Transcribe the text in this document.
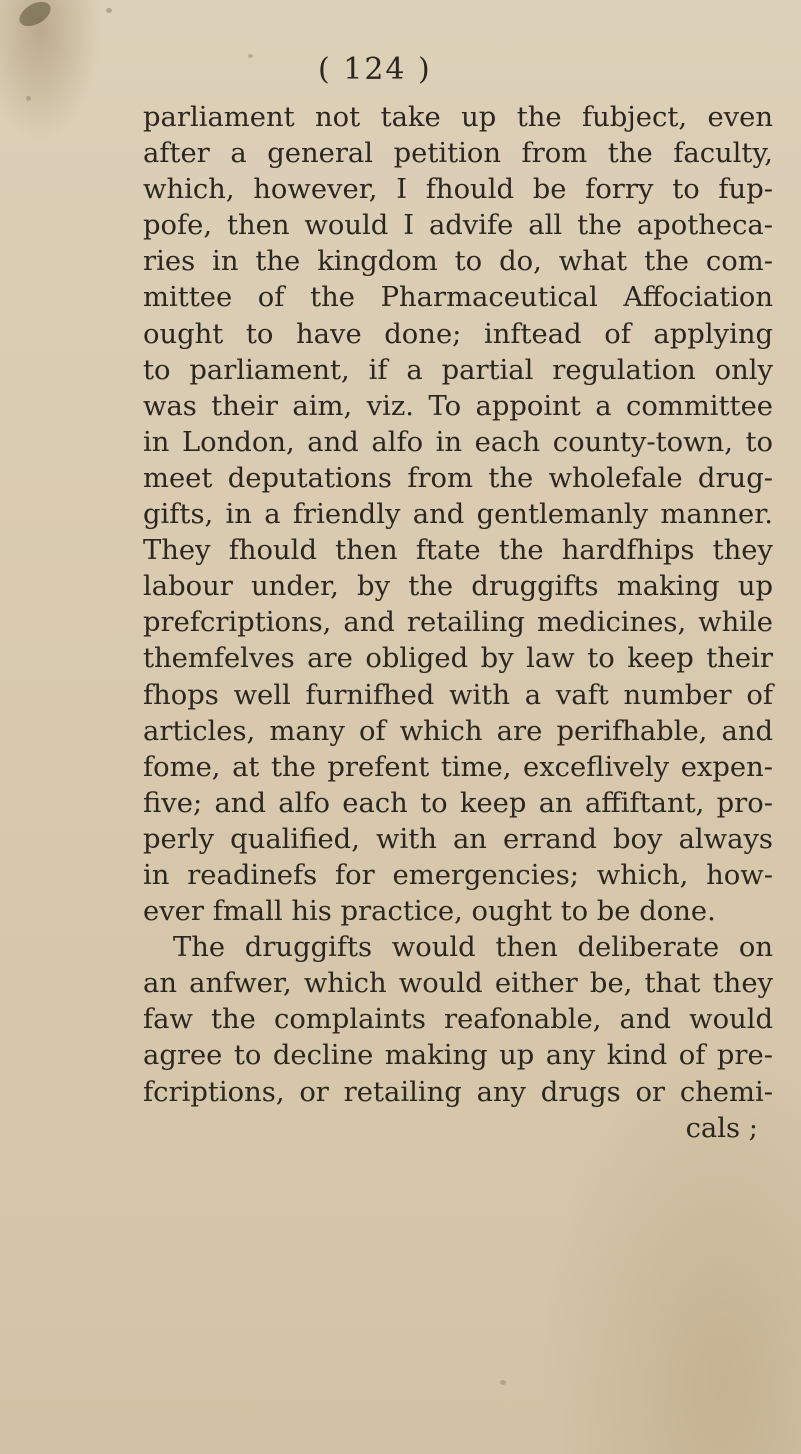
( 124 )
parliament not take up the fubject, even
after a general petition from the faculty,
which, however, I fhould be forry to fup-
pofe, then would I advife all the apotheca-
ries in the kingdom to do, what the com-
mittee of the Pharmaceutical Affociation
ought to have done; inftead of applying
to parliament, if a partial regulation only
was their aim, viz. To appoint a committee
in London, and alfo in each county-town, to
meet deputations from the wholefale drug-
gifts, in a friendly and gentlemanly manner.
They fhould then ftate the hardfhips they
labour under, by the druggifts making up
prefcriptions, and retailing medicines, while
themfelves are obliged by law to keep their
fhops well furnifhed with a vaft number of
articles, many of which are perifhable, and
fome, at the prefent time, exceflively expen-
five; and alfo each to keep an affiftant, pro-
perly qualified, with an errand boy always
in readinefs for emergencies; which, how-
ever fmall his practice, ought to be done.
The druggifts would then deliberate on
an anfwer, which would either be, that they
faw the complaints reafonable, and would
agree to decline making up any kind of pre-
fcriptions, or retailing any drugs or chemi-
cals ;
